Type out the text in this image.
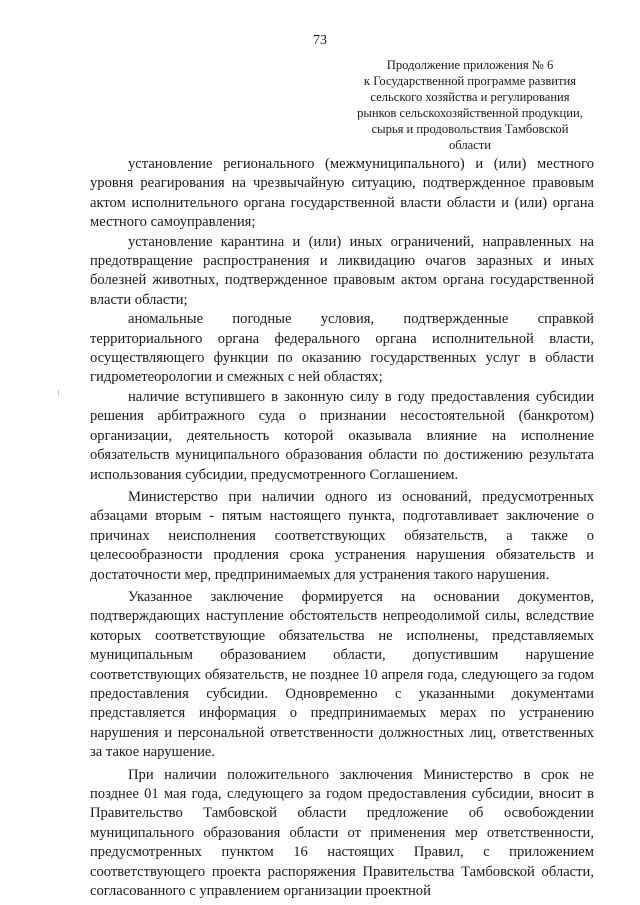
73
Продолжение приложения № 6
к Государственной программе развития
сельского хозяйства и регулирования
рынков сельскохозяйственной продукции,
сырья и продовольствия Тамбовской
области

установление регионального (межмуниципального) и (или) местного уровня реагирования на чрезвычайную ситуацию, подтвержденное правовым актом исполнительного органа государственной власти области и (или) органа местного самоуправления;

установление карантина и (или) иных ограничений, направленных на предотвращение распространения и ликвидацию очагов заразных и иных болезней животных, подтвержденное правовым актом органа государственной власти области;

аномальные погодные условия, подтвержденные справкой территориального органа федерального органа исполнительной власти, осуществляющего функции по оказанию государственных услуг в области гидрометеорологии и смежных с ней областях;

наличие вступившего в законную силу в году предоставления субсидии решения арбитражного суда о признании несостоятельной (банкротом) организации, деятельность которой оказывала влияние на исполнение обязательств муниципального образования области по достижению результата использования субсидии, предусмотренного Соглашением.

Министерство при наличии одного из оснований, предусмотренных абзацами вторым - пятым настоящего пункта, подготавливает заключение о причинах неисполнения соответствующих обязательств, а также о целесообразности продления срока устранения нарушения обязательств и достаточности мер, предпринимаемых для устранения такого нарушения.

Указанное заключение формируется на основании документов, подтверждающих наступление обстоятельств непреодолимой силы, вследствие которых соответствующие обязательства не исполнены, представляемых муниципальным образованием области, допустившим нарушение соответствующих обязательств, не позднее 10 апреля года, следующего за годом предоставления субсидии. Одновременно с указанными документами представляется информация о предпринимаемых мерах по устранению нарушения и персональной ответственности должностных лиц, ответственных за такое нарушение.

При наличии положительного заключения Министерство в срок не позднее 01 мая года, следующего за годом предоставления субсидии, вносит в Правительство Тамбовской области предложение об освобождении муниципального образования области от применения мер ответственности, предусмотренных пунктом 16 настоящих Правил, с приложением соответствующего проекта распоряжения Правительства Тамбовской области, согласованного с управлением организации проектной
